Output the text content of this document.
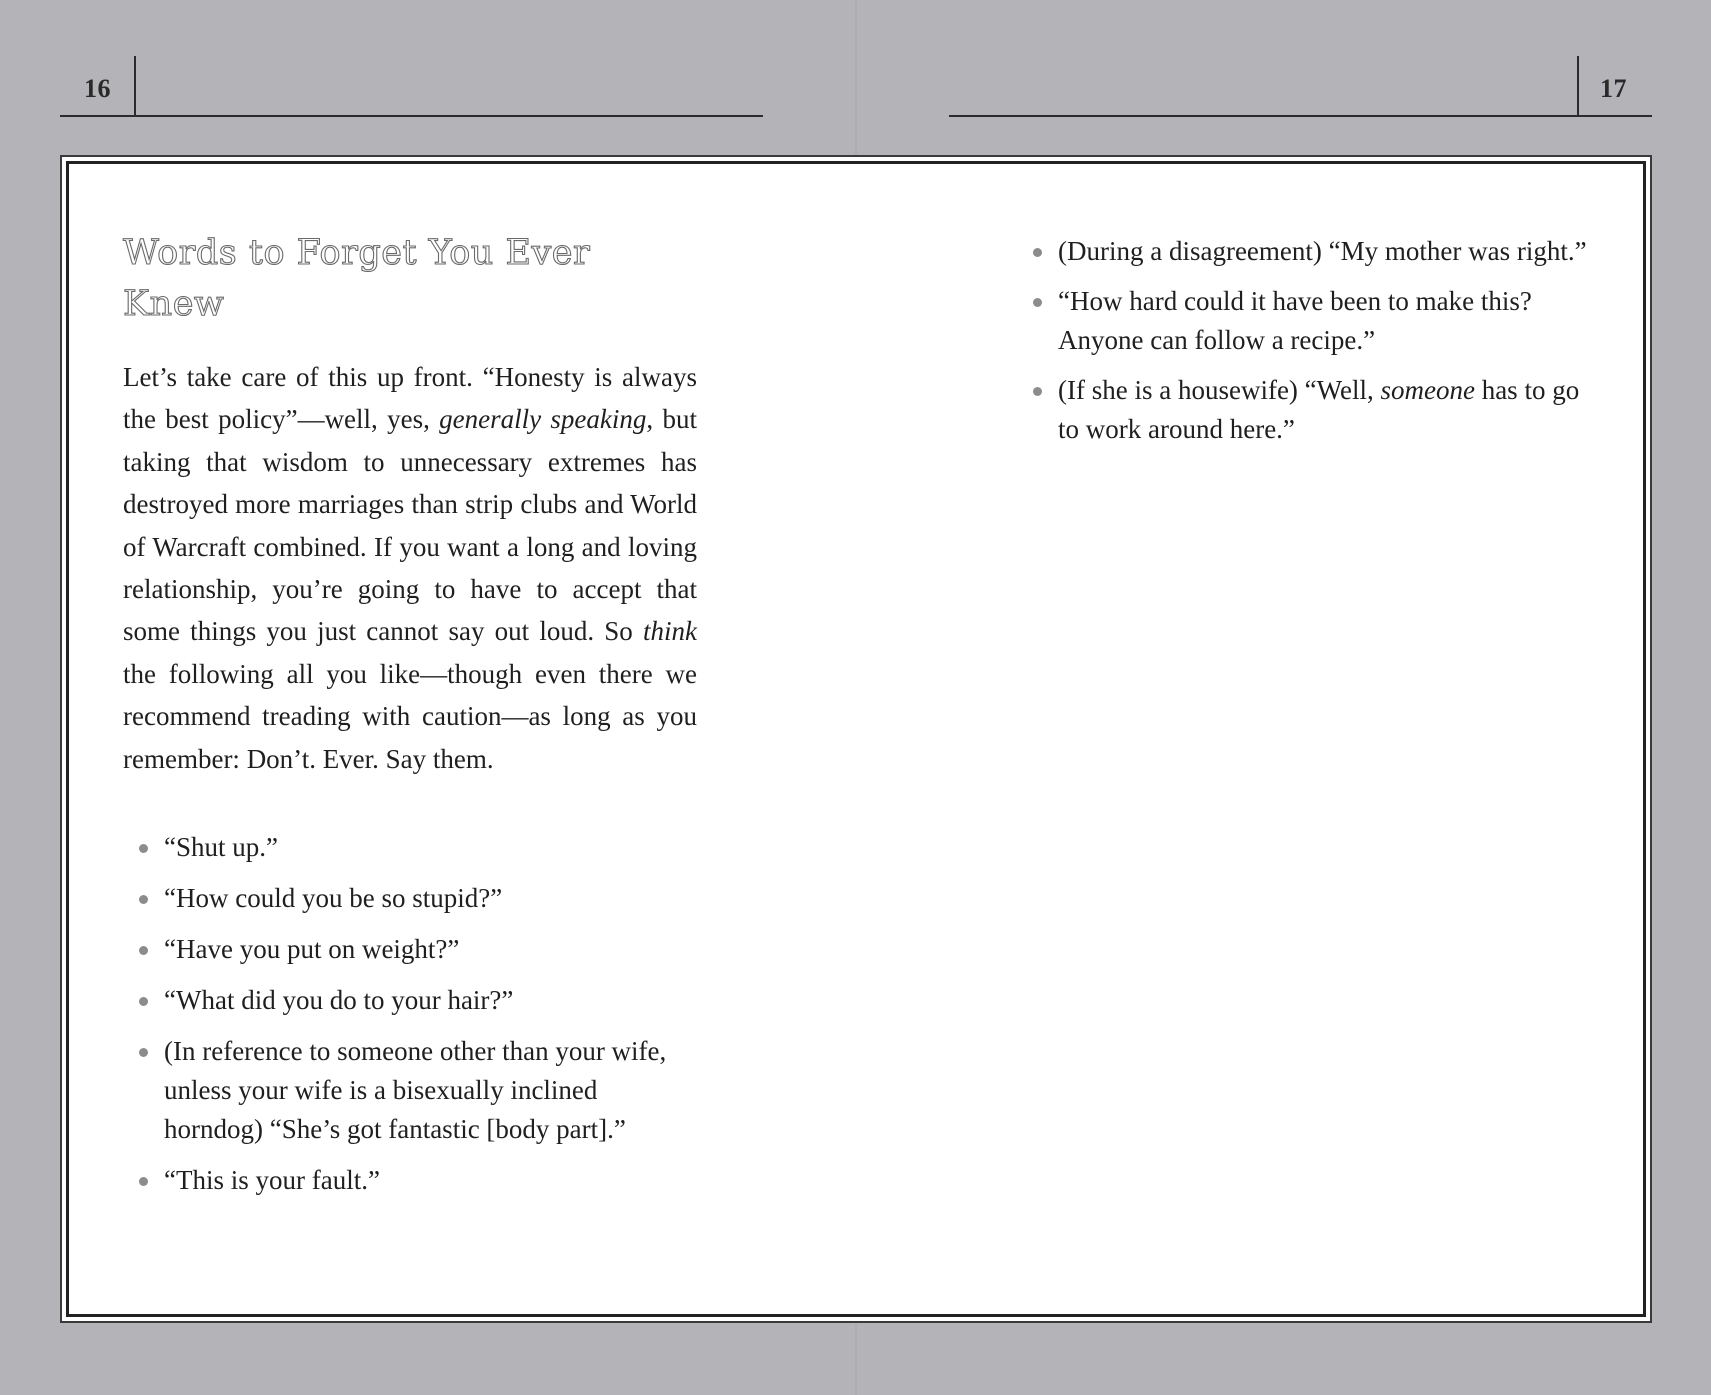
16	17
Words to Forget You Ever Knew

Let’s take care of this up front. “Honesty is always the best policy”—well, yes, generally speaking, but taking that wisdom to unnecessary extremes has destroyed more marriages than strip clubs and World of Warcraft combined. If you want a long and loving relationship, you’re going to have to accept that some things you just cannot say out loud. So think the following all you like—though even there we recommend treading with caution—as long as you remember: Don’t. Ever. Say them.

“Shut up.”
“How could you be so stupid?”
“Have you put on weight?”
“What did you do to your hair?”
(In reference to someone other than your wife, unless your wife is a bisexually inclined horndog) “She’s got fantastic [body part].”
“This is your fault.”
(During a disagreement) “My mother was right.”
“How hard could it have been to make this? Anyone can follow a recipe.”
(If she is a housewife) “Well, someone has to go to work around here.”
